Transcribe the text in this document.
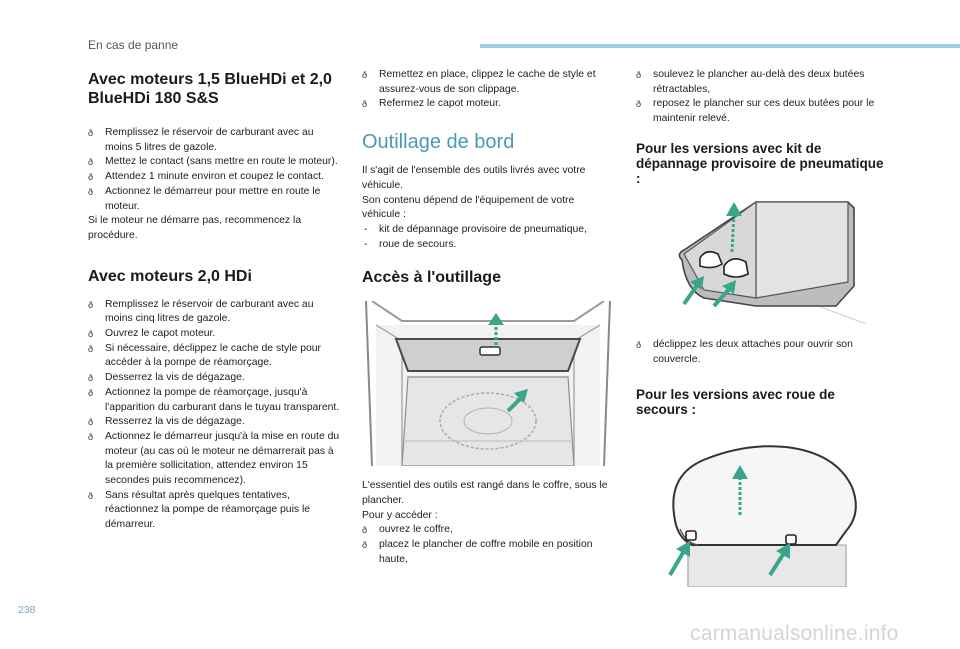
En cas de panne
Avec moteurs 1,5 BlueHDi et 2,0 BlueHDi 180 S&S
ð Remplissez le réservoir de carburant avec au moins 5 litres de gazole.
ð Mettez le contact (sans mettre en route le moteur).
ð Attendez 1 minute environ et coupez le contact.
ð Actionnez le démarreur pour mettre en route le moteur.

Si le moteur ne démarre pas, recommencez la procédure.

Avec moteurs 2,0 HDi
ð Remplissez le réservoir de carburant avec au moins cinq litres de gazole.
ð Ouvrez le capot moteur.
ð Si nécessaire, déclippez le cache de style pour accéder à la pompe de réamorçage.
ð Desserrez la vis de dégazage.
ð Actionnez la pompe de réamorçage, jusqu'à l'apparition du carburant dans le tuyau transparent.
ð Resserrez la vis de dégazage.
ð Actionnez le démarreur jusqu'à la mise en route du moteur (au cas où le moteur ne démarrerait pas à la première sollicitation, attendez environ 15 secondes puis recommencez).
ð Sans résultat après quelques tentatives, réactionnez la pompe de réamorçage puis le démarreur.
ð Remettez en place, clippez le cache de style et assurez-vous de son clippage.
ð Refermez le capot moteur.
Outillage de bord

Il s'agit de l'ensemble des outils livrés avec votre véhicule.

Son contenu dépend de l'équipement de votre véhicule :

- kit de dépannage provisoire de pneumatique,
- roue de secours.
Accès à l'outillage

L'essentiel des outils est rangé dans le coffre, sous le plancher.

Pour y accéder :

ð ouvrez le coffre,
ð placez le plancher de coffre mobile en position haute,
ð soulevez le plancher au-delà des deux butées rétractables,
ð reposez le plancher sur ces deux butées pour le maintenir relevé.
Pour les versions avec kit de dépannage provisoire de pneumatique :
ð déclippez les deux attaches pour ouvrir son couvercle.
Pour les versions avec roue de secours :
238
carmanualsonline.info
